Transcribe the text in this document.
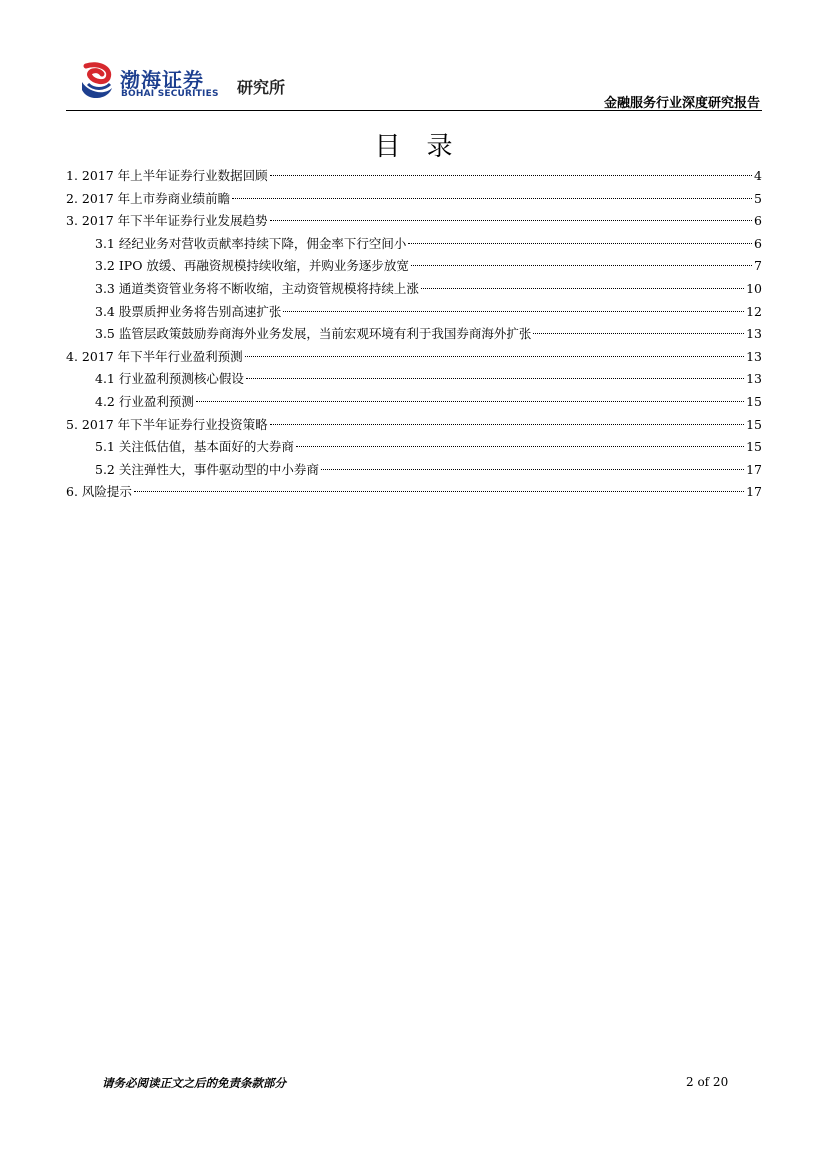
渤海证券
BOHAI SECURITIES 研究所
金融服务行业深度研究报告
目录
1. 2017 年上半年证券行业数据回顾	4
2. 2017 年上市券商业绩前瞻	5
3. 2017 年下半年证券行业发展趋势	6
3.1 经纪业务对营收贡献率持续下降，佣金率下行空间小	6
3.2 IPO 放缓、再融资规模持续收缩，并购业务逐步放宽	7
3.3 通道类资管业务将不断收缩，主动资管规模将持续上涨	10
3.4 股票质押业务将告别高速扩张	12
3.5 监管层政策鼓励券商海外业务发展，当前宏观环境有利于我国券商海外扩张	13
4. 2017 年下半年行业盈利预测	13
4.1 行业盈利预测核心假设	13
4.2 行业盈利预测	15
5. 2017 年下半年证券行业投资策略	15
5.1 关注低估值，基本面好的大券商	15
5.2 关注弹性大，事件驱动型的中小券商	17
6. 风险提示	17
请务必阅读正文之后的免责条款部分	2 of 20
